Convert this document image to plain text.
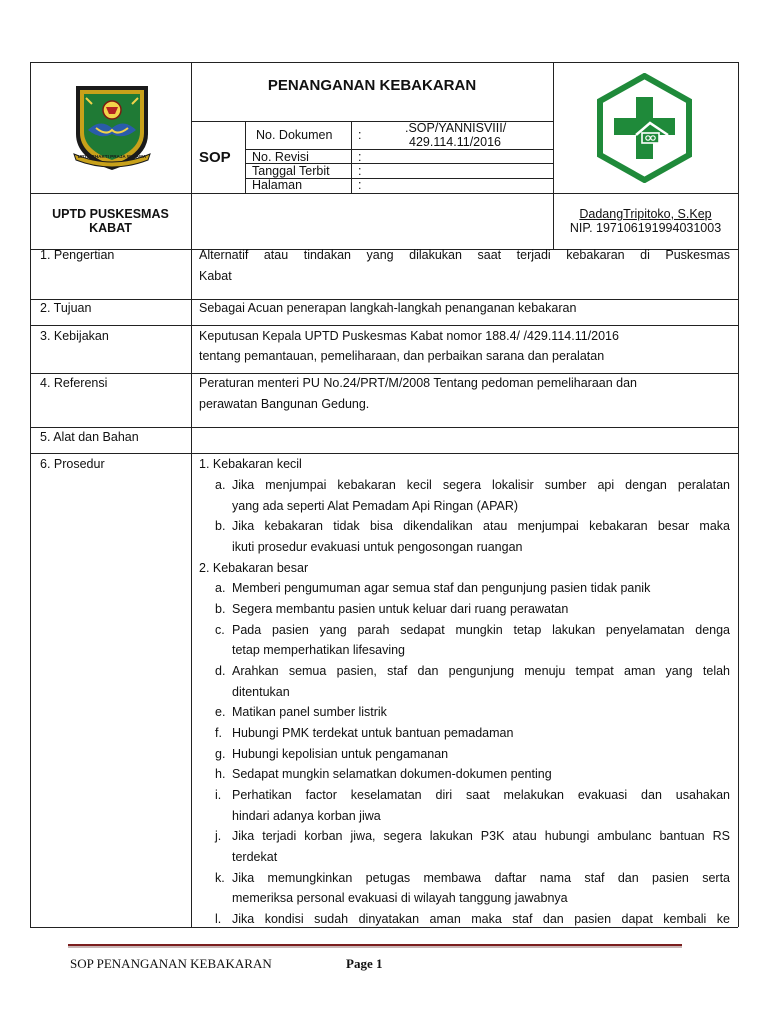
UPTD BHAKTI PRAJA WIBAWA
PENANGANAN KEBAKARAN
SOP
No. Dokumen :	.SOP/YANNISVIII/
429.114.11/2016
No. Revisi	:
Tanggal Terbit :
Halaman	:
UPTD PUSKESMAS
KABAT
DadangTripitoko, S.Kep
NIP. 197106191994031003
1. Pengertian	Alternatif atau tindakan yang dilakukan saat terjadi kebakaran di Puskesmas
Kabat
2. Tujuan	Sebagai Acuan penerapan langkah-langkah penanganan kebakaran
3. Kebijakan	Keputusan Kepala UPTD Puskesmas Kabat nomor 188.4/ /429.114.11/2016
tentang pemantauan, pemeliharaan, dan perbaikan sarana dan peralatan
4. Referensi	Peraturan menteri PU No.24/PRT/M/2008 Tentang pedoman pemeliharaan dan
perawatan Bangunan Gedung.
5. Alat dan Bahan
6. Prosedur	1. Kebakaran kecil
a. Jika menjumpai kebakaran kecil segera lokalisir sumber api dengan peralatan
yang ada seperti Alat Pemadam Api Ringan (APAR)
b. Jika kebakaran tidak bisa dikendalikan atau menjumpai kebakaran besar maka
ikuti prosedur evakuasi untuk pengosongan ruangan
2. Kebakaran besar
a. Memberi pengumuman agar semua staf dan pengunjung pasien tidak panik
b. Segera membantu pasien untuk keluar dari ruang perawatan
c. Pada pasien yang parah sedapat mungkin tetap lakukan penyelamatan denga
tetap memperhatikan lifesaving
d. Arahkan semua pasien, staf dan pengunjung menuju tempat aman yang telah
ditentukan
e. Matikan panel sumber listrik
f. Hubungi PMK terdekat untuk bantuan pemadaman
g. Hubungi kepolisian untuk pengamanan
h. Sedapat mungkin selamatkan dokumen-dokumen penting
i. Perhatikan factor keselamatan diri saat melakukan evakuasi dan usahakan
hindari adanya korban jiwa
j. Jika terjadi korban jiwa, segera lakukan P3K atau hubungi ambulanc bantuan RS
terdekat
k. Jika memungkinkan petugas membawa daftar nama staf dan pasien serta
memeriksa personal evakuasi di wilayah tanggung jawabnya
l. Jika kondisi sudah dinyatakan aman maka staf dan pasien dapat kembali ke
SOP PENANGANAN KEBAKARAN	Page 1
